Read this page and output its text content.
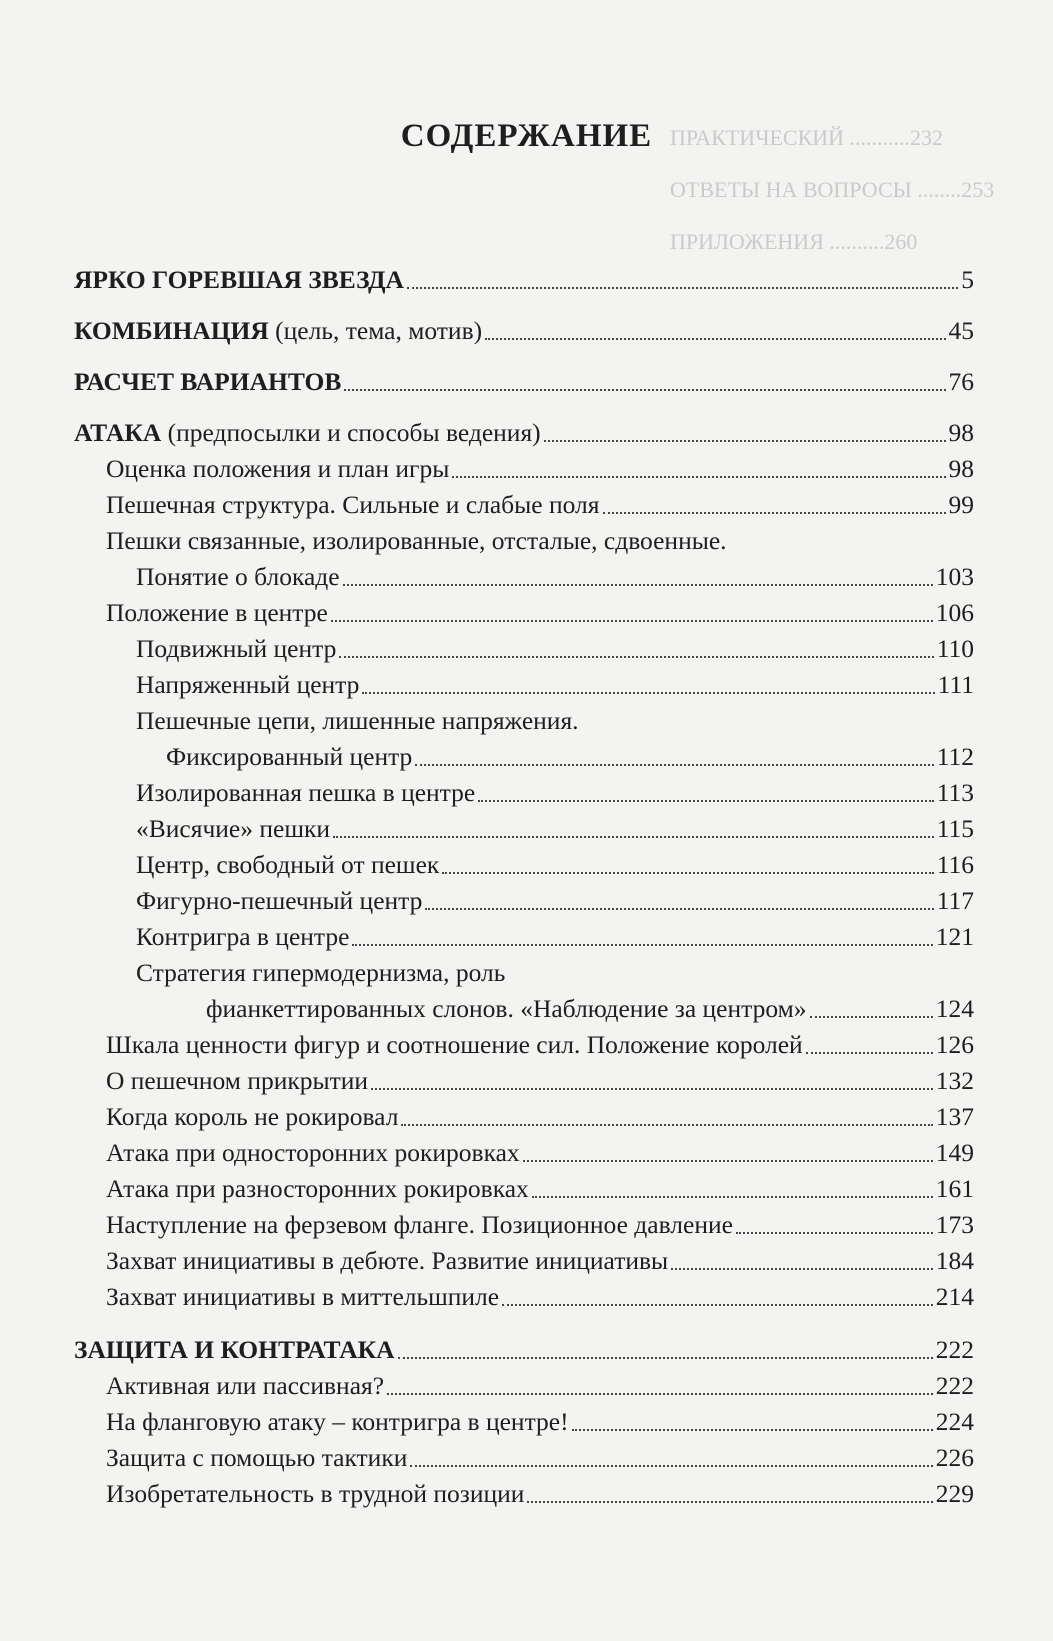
ПРАКТИЧЕСКИЙ ...........232
ОТВЕТЫ НА ВОПРОСЫ ........253
ПРИЛОЖЕНИЯ ..........260
СОДЕРЖАНИЕ
ЯРКО ГОРЕВШАЯ ЗВЕЗДА	5
КОМБИНАЦИЯ (цель, тема, мотив)	45
РАСЧЕТ ВАРИАНТОВ	76
АТАКА (предпосылки и способы ведения)	98
Оценка положения и план игры	98
Пешечная структура. Сильные и слабые поля	99
Пешки связанные, изолированные, отсталые, сдвоенные.
Понятие о блокаде	103
Положение в центре	106
Подвижный центр	110
Напряженный центр	111
Пешечные цепи, лишенные напряжения.
Фиксированный центр	112
Изолированная пешка в центре	113
«Висячие» пешки	115
Центр, свободный от пешек	116
Фигурно-пешечный центр	117
Контригра в центре	121
Стратегия гипермодернизма, роль
фианкеттированных слонов. «Наблюдение за центром»	124
Шкала ценности фигур и соотношение сил. Положение королей	126
О пешечном прикрытии	132
Когда король не рокировал	137
Атака при односторонних рокировках	149
Атака при разносторонних рокировках	161
Наступление на ферзевом фланге. Позиционное давление	173
Захват инициативы в дебюте. Развитие инициативы	184
Захват инициативы в миттельшпиле	214
ЗАЩИТА И КОНТРАТАКА	222
Активная или пассивная?	222
На фланговую атаку – контригра в центре!	224
Защита с помощью тактики	226
Изобретательность в трудной позиции	229
